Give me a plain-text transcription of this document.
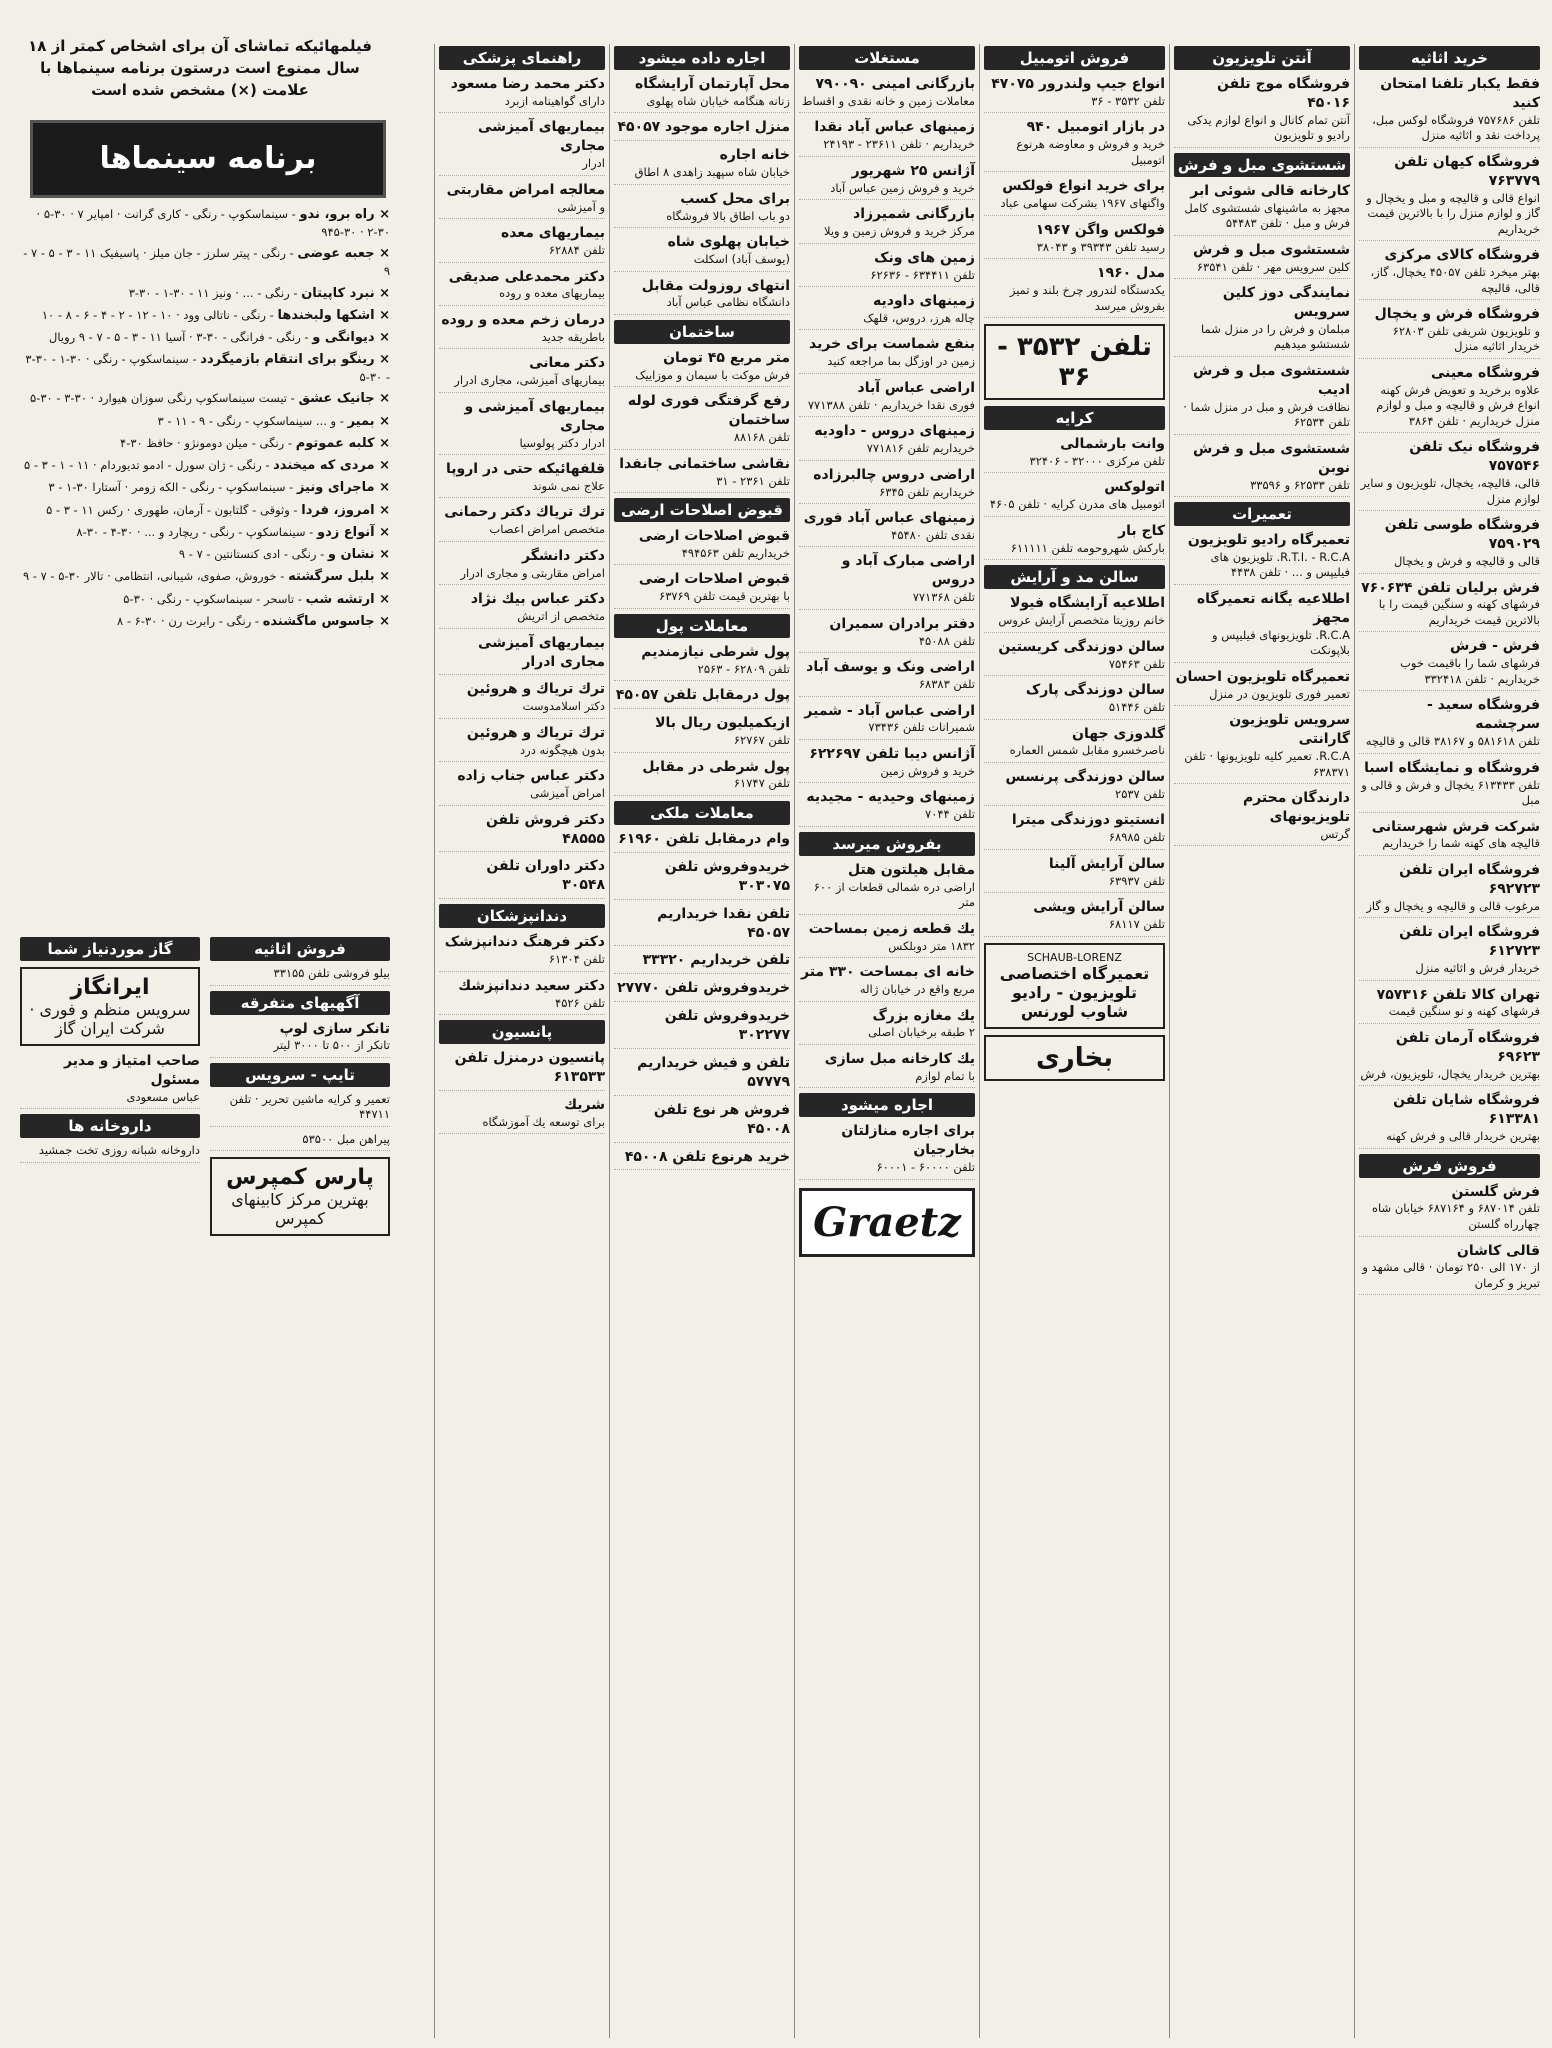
فیلمهائیکه تماشای آن برای اشخاص کمتر از ۱۸ سال ممنوع است درستون برنامه سینماها با علامت (×) مشخص شده است
برنامه سینماها
× راه برو، ندو - سینماسکوپ - رنگی - کاری گرانت · امپایر ۷ · ۳۰-۵ · ۳۰-۲ · ۳۰-۹۴۵
× جعبه عوضی - رنگی - پیتر سلرز - جان میلز · پاسیفیک ۱۱ - ۳ - ۵ - ۷ - ۹
× نبرد کاپیتان - رنگی - ... · ونیز ۱۱ - ۳۰-۱ - ۳۰-۳
× اشکها ولبخندها - رنگی - ناتالی وود · ۱۰ - ۱۲ - ۲ - ۴ - ۶ - ۸ - ۱۰
× دیوانگی و - رنگی - فرانگی - ۳۰-۳ · آسیا ۱۱ - ۳ - ۵ - ۷ - ۹ رویال
× رینگو برای انتقام بازمیگردد - سینماسکوپ - رنگی · ۳۰-۱ - ۳۰-۳ - ۳۰-۵
× جانیک عشق - تیست سینماسکوپ رنگی سوزان هیوارد · ۳۰-۳ - ۳۰-۵
× بمیر - و ... سینماسکوپ - رنگی - ۹ - ۱۱ - ۳
× کلبه عموتوم - رنگی - میلن دومونژو · حافظ ۳۰-۴
× مردی که میخندد - رنگی - ژان سورل - ادمو تدیوردام · ۱۱ - ۱ - ۳ - ۵
× ماجرای ونیز - سینماسکوپ - رنگی - الکه زومر · آستارا ۳۰-۱ - ۳
× امروز، فردا - وثوقی - گلتابون - آرمان، طهوری · رکس ۱۱ - ۳ - ۵
× آنواع زدو - سینماسکوپ - رنگی - ریچارد و ... · ۳۰-۴ - ۳۰-۸
× نشان و - رنگی - ادی کنستانتین - ۷ - ۹
× بلبل سرگشته - خوروش، صفوی، شیبانی، انتظامی · تالار ۳۰-۵ - ۷ - ۹
× ارتشه شب - تاسحر - سینماسکوپ - رنگی · ۳۰-۵
× جاسوس ماگشنده - رنگی - رابرت رن · ۳۰-۶ - ۸
فروش اثاثیه
بیلو فروشی تلفن ۳۳۱۵۵
آگهیهای متفرقه
تانکر سازی لوپ
تانکر از ۵۰۰ تا ۳۰۰۰ لیتر
تایپ - سرویس
تعمیر و کرایه ماشین تحریر · تلفن ۴۴۷۱۱
پیراهن مبل ۵۳۵۰۰
پارس کمپرس
بهترین مرکز کابینهای کمپرس
گاز موردنیاز شما
ایرانگاز
سرویس منظم و فوری · شرکت ایران گاز
صاحب امتیاز و مدیر مسئول
عباس مسعودی
داروخانه ها
داروخانه شبانه روزی تخت جمشید
خرید اثاثیه
فقط یکبار تلفنا امتحان کنید
تلفن ۷۵۷۶۸۶ فروشگاه لوکس مبل، پرداخت نقد و اثاثیه منزل
فروشگاه کیهان تلفن ۷۶۳۷۷۹
انواع قالی و قالیچه و مبل و یخچال و گاز و لوازم منزل را با بالاترین قیمت خریداریم
فروشگاه کالای مرکزی
بهتر میخرد تلفن ۴۵۰۵۷ یخچال، گاز، قالی، قالیچه
فروشگاه فرش و یخچال
و تلویزیون شریفی تلفن ۶۲۸۰۳ خریدار اثاثیه منزل
فروشگاه معینی
علاوه برخرید و تعویض فرش کهنه انواع فرش و قالیچه و مبل و لوازم منزل خریداریم · تلفن ۳۸۶۴
فروشگاه نیک تلفن ۷۵۷۵۴۶
قالی، قالیچه، یخچال، تلویزیون و سایر لوازم منزل
فروشگاه طوسی تلفن ۷۵۹۰۲۹
قالی و قالیچه و فرش و یخچال
فرش برلیان تلفن ۷۶۰۶۳۴
فرشهای کهنه و سنگین قیمت را با بالاترین قیمت خریداریم
فرش - فرش
فرشهای شما را باقیمت خوب خریداریم · تلفن ۳۳۲۴۱۸
فروشگاه سعید - سرچشمه
تلفن ۵۸۱۶۱۸ و ۳۸۱۶۷ قالی و قالیچه
فروشگاه و نمایشگاه اسبا
تلفن ۶۱۳۴۳۳ یخچال و فرش و قالی و مبل
شرکت فرش شهرستانی
قالیچه های کهنه شما را خریداریم
فروشگاه ایران تلفن ۶۹۲۷۲۳
مرغوب قالی و قالیچه و یخچال و گاز
فروشگاه ایران تلفن ۶۱۲۷۲۳
خریدار فرش و اثاثیه منزل
تهران کالا تلفن ۷۵۷۳۱۶
فرشهای کهنه و نو سنگین قیمت
فروشگاه آرمان تلفن ۶۹۶۲۳
بهترین خریدار یخچال، تلویزیون، فرش
فروشگاه شایان تلفن ۶۱۳۳۸۱
بهترین خریدار قالی و فرش کهنه
فروش فرش
فرش گلستن
تلفن ۶۸۷۰۱۴ و ۶۸۷۱۶۴ خیابان شاه چهارراه گلستن
قالی کاشان
از ۱۷۰ الی ۲۵۰ تومان · قالی مشهد و تبریز و کرمان
آنتن تلویزیون
فروشگاه موج تلفن ۴۵۰۱۶
آنتن تمام کانال و انواع لوازم یدکی رادیو و تلویزیون
شستشوی مبل و فرش
کارخانه قالی شوئی ابر
مجهز به ماشینهای شستشوی کامل فرش و مبل · تلفن ۵۴۴۸۳
شستشوی مبل و فرش
کلین سرویس مهر · تلفن ۶۳۵۴۱
نمایندگی دوز کلین سرویس
مبلمان و فرش را در منزل شما شستشو میدهیم
شستشوی مبل و فرش ادیب
نظافت فرش و مبل در منزل شما · تلفن ۶۲۵۳۴
شستشوی مبل و فرش نوبن
تلفن ۶۲۵۳۳ و ۳۳۵۹۶
تعمیرات
تعمیرگاه رادیو تلویزیون
R.T.I. - R.C.A. تلویزیون های فیلیپس و ... · تلفن ۴۴۳۸
اطلاعیه یگانه تعمیرگاه مجهز
R.C.A. تلویزیونهای فیلیپس و بلاپونکت
تعمیرگاه تلویزیون احسان
تعمیر فوری تلویزیون در منزل
سرویس تلویزیون گارانتی
R.C.A. تعمیر کلیه تلویزیونها · تلفن ۶۳۸۳۷۱
دارندگان محترم تلویزیونهای
گرتس
فروش اتومبیل
انواع جیپ ولندرور ۴۷۰۷۵
تلفن ۳۵۳۲ - ۳۶
در بازار اتومبیل ۹۴۰
خرید و فروش و معاوضه هرنوع اتومبیل
برای خرید انواع فولکس
واگنهای ۱۹۶۷ بشرکت سهامی عباد
فولکس واگن ۱۹۶۷
رسید تلفن ۳۹۳۴۳ و ۳۸۰۴۳
مدل ۱۹۶۰
یکدستگاه لندرور چرخ بلند و تمیز بفروش میرسد
تلفن ۳۵۳۲ - ۳۶
کرایه
وانت بارشمالی
تلفن مرکزی ۳۲۰۰۰ - ۳۲۴۰۶
اتولوکس
اتومبیل های مدرن کرایه · تلفن ۴۶۰۵
کاج بار
بارکش شهروحومه تلفن ۶۱۱۱۱۱
سالن مد و آرایش
اطلاعیه آرایشگاه فیولا
خانم روزیتا متخصص آرایش عروس
سالن دوزندگی کریستین
تلفن ۷۵۴۶۳
سالن دوزندگی پارک
تلفن ۵۱۴۴۶
گلدوزی جهان
ناصرخسرو مقابل شمس العماره
سالن دوزندگی پرنسس
تلفن ۲۵۳۷
انستیتو دوزندگی میترا
تلفن ۶۸۹۸۵
سالن آرایش آلینا
تلفن ۶۳۹۳۷
سالن آرایش ویشی
تلفن ۶۸۱۱۷
SCHAUB-LORENZ
تعمیرگاه اختصاصی تلویزیون - رادیو شاوب لورنس
بخاری
مستغلات
بازرگانی امینی ۷۹۰۰۹۰
معاملات زمین و خانه نقدی و اقساط
زمینهای عباس آباد نقدا
خریداریم · تلفن ۲۳۶۱۱ - ۲۴۱۹۳
آژانس ۲۵ شهریور
خرید و فروش زمین عباس آباد
بازرگانی شمیرزاد
مرکز خرید و فروش زمین و ویلا
زمین های ونک
تلفن ۶۳۴۴۱۱ - ۶۲۶۳۶
زمینهای داودیه
چاله هرز، دروس، قلهک
بنفع شماست برای خرید
زمین در اوزگل بما مراجعه کنید
اراضی عباس آباد
فوری نقدا خریداریم · تلفن ۷۷۱۳۸۸
زمینهای دروس - داودیه
خریداریم تلفن ۷۷۱۸۱۶
اراضی دروس چالبرزاده
خریداریم تلفن ۶۳۴۵
زمینهای عباس آباد فوری
نقدی تلفن ۴۵۴۸۰
اراضی مبارک آباد و دروس
تلفن ۷۷۱۳۶۸
دفتر برادران سمیران
تلفن ۴۵۰۸۸
اراضی ونک و یوسف آباد
تلفن ۶۸۳۸۳
اراضی عباس آباد - شمیر
شمیرانات تلفن ۷۳۴۳۶
آژانس دیبا تلفن ۶۲۲۶۹۷
خرید و فروش زمین
زمینهای وحیدیه - مجیدیه
تلفن ۷۰۴۴
بفروش میرسد
مقابل هیلتون هتل
اراضی دره شمالی قطعات از ۶۰۰ متر
یك قطعه زمین بمساحت
۱۸۳۲ متر دوبلکس
خانه ای بمساحت ۳۳۰ متر
مربع واقع در خیابان ژاله
یك مغازه بزرگ
۲ طبقه برخیابان اصلی
یك کارخانه مبل سازی
با تمام لوازم
اجاره میشود
برای اجاره منازلتان بخارجیان
تلفن ۶۰۰۰۰ - ۶۰۰۰۱
Graetz
اجاره داده میشود
محل آپارتمان آرایشگاه
زنانه هنگامه خیابان شاه پهلوی
منزل اجاره موجود ۴۵۰۵۷
خانه اجاره
خیابان شاه سپهبد زاهدی ۸ اطاق
برای محل کسب
دو باب اطاق بالا فروشگاه
خیابان پهلوی شاه
(یوسف آباد) اسکلت
انتهای روزولت مقابل
دانشگاه نظامی عباس آباد
ساختمان
متر مربع ۴۵ تومان
فرش موکت با سیمان و موزاییک
رفع گرفتگی فوری لوله ساختمان
تلفن ۸۸۱۶۸
نقاشی ساختمانی جانفدا
تلفن ۲۳۶۱ - ۳۱
قبوض اصلاحات ارضی
قبوض اصلاحات ارضی
خریداریم تلفن ۴۹۴۵۶۳
قبوض اصلاحات ارضی
با بهترین قیمت تلفن ۶۳۷۶۹
معاملات پول
پول شرطی نیازمندیم
تلفن ۶۲۸۰۹ - ۲۵۶۳
پول درمقابل تلفن ۴۵۰۵۷
ازیکمیلیون ریال بالا
تلفن ۶۲۷۶۷
پول شرطی در مقابل
تلفن ۶۱۷۴۷
معاملات ملکی
وام درمقابل تلفن ۶۱۹۶۰
خریدوفروش تلفن ۳۰۳۰۷۵
تلفن نقدا خریداریم ۴۵۰۵۷
تلفن خریداریم ۳۳۳۲۰
خریدوفروش تلفن ۲۷۷۷۰
خریدوفروش تلفن ۳۰۲۲۷۷
تلفن و فیش خریداریم ۵۷۷۷۹
فروش هر نوع تلفن ۴۵۰۰۸
خرید هرنوع تلفن ۴۵۰۰۸
راهنمای پزشکی
دکتر محمد رضا مسعود
دارای گواهینامه ازبرد
بیماریهای آمیزشی مجاری
ادرار
معالجه امراض مقاربتی
و آمیزشی
بیماریهای معده
تلفن ۶۲۸۸۴
دکتر محمدعلی صدیقی
بیماریهای معده و روده
درمان زخم معده و روده
باطریقه جدید
دکتر معانی
بیماریهای آمیزشی، مجاری ادرار
بیماریهای آمیزشی و مجاری
ادرار دکتر پولوسیا
قلفهائیکه حتی در اروپا
علاج نمی شوند
ترك تریاك دکتر رحمانی
متخصص امراض اعصاب
دکتر دانشگر
امراض مقاربتی و مجاری ادرار
دکتر عباس بیك نژاد
متخصص از اتریش
بیماریهای آمیزشی مجاری ادرار
ترك تریاك و هروئین
دکتر اسلامدوست
ترك تریاك و هروئین
بدون هیچگونه درد
دکتر عباس جناب زاده
امراض آمیزشی
دکتر فروش تلفن ۴۸۵۵۵
دکتر داوران تلفن ۳۰۵۴۸
دندانپزشکان
دکتر فرهنگ دندانپزشک
تلفن ۶۱۳۰۴
دکتر سعید دندانپزشك
تلفن ۴۵۲۶
پانسیون
پانسیون درمنزل تلفن ۶۱۳۵۳۳
شریك
برای توسعه یك آموزشگاه
